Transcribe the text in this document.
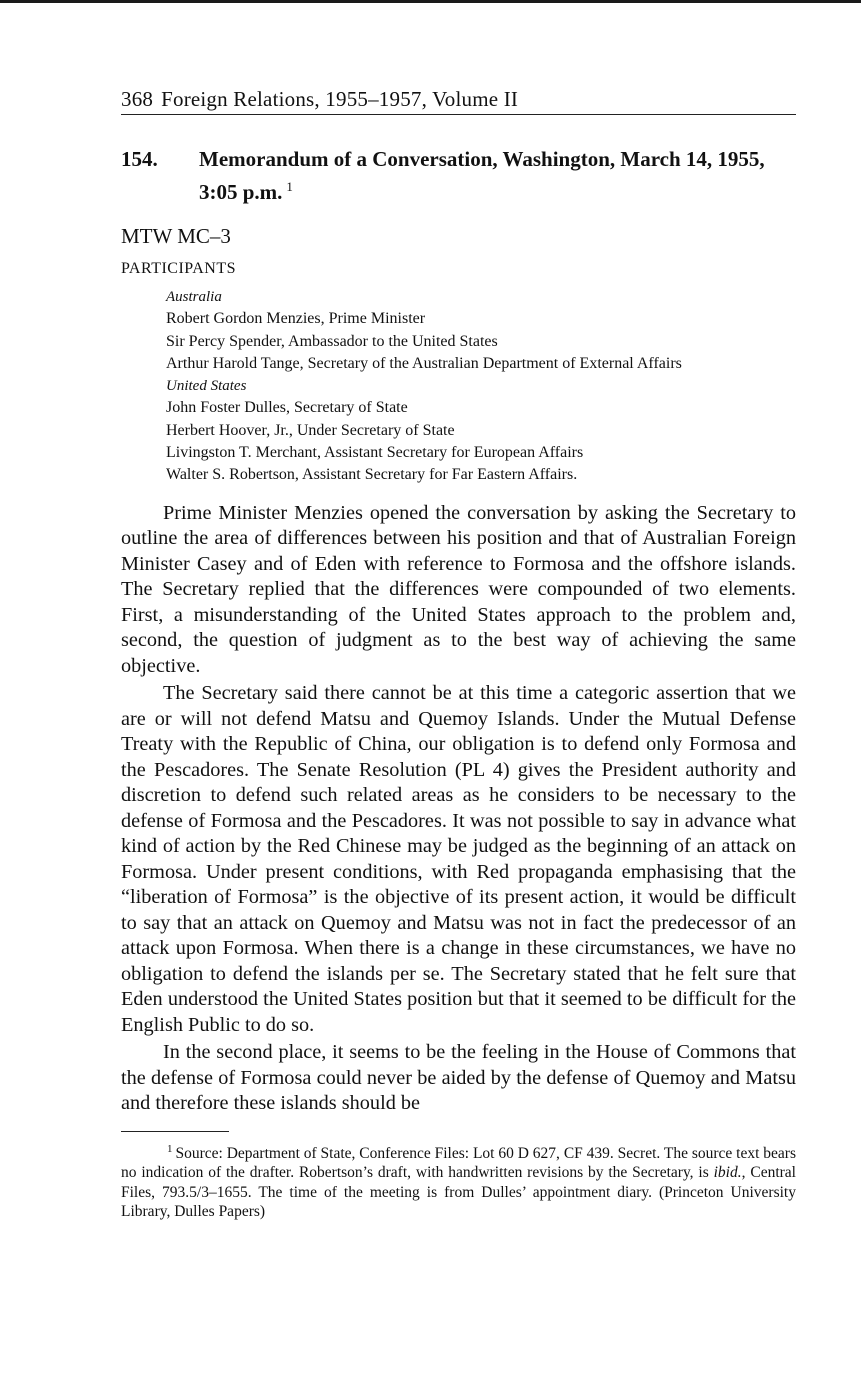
368 Foreign Relations, 1955–1957, Volume II
154.	Memorandum of a Conversation, Washington, March 14, 1955, 3:05 p.m. $^1$
MTW MC–3
PARTICIPANTS
Australia
Robert Gordon Menzies, Prime Minister
Sir Percy Spender, Ambassador to the United States
Arthur Harold Tange, Secretary of the Australian Department of External Affairs
United States
John Foster Dulles, Secretary of State
Herbert Hoover, Jr., Under Secretary of State
Livingston T. Merchant, Assistant Secretary for European Affairs
Walter S. Robertson, Assistant Secretary for Far Eastern Affairs.

Prime Minister Menzies opened the conversation by asking the Secretary to outline the area of differences between his position and that of Australian Foreign Minister Casey and of Eden with reference to Formosa and the offshore islands. The Secretary replied that the differences were compounded of two elements. First, a misunderstanding of the United States approach to the problem and, second, the question of judgment as to the best way of achieving the same objective.

The Secretary said there cannot be at this time a categoric assertion that we are or will not defend Matsu and Quemoy Islands. Under the Mutual Defense Treaty with the Republic of China, our obligation is to defend only Formosa and the Pescadores. The Senate Resolution (PL 4) gives the President authority and discretion to defend such related areas as he considers to be necessary to the defense of Formosa and the Pescadores. It was not possible to say in advance what kind of action by the Red Chinese may be judged as the beginning of an attack on Formosa. Under present conditions, with Red propaganda emphasising that the “liberation of Formosa” is the objective of its present action, it would be difficult to say that an attack on Quemoy and Matsu was not in fact the predecessor of an attack upon Formosa. When there is a change in these circumstances, we have no obligation to defend the islands per se. The Secretary stated that he felt sure that Eden understood the United States position but that it seemed to be difficult for the English Public to do so.

In the second place, it seems to be the feeling in the House of Commons that the defense of Formosa could never be aided by the defense of Quemoy and Matsu and therefore these islands should be

$^1$ Source: Department of State, Conference Files: Lot 60 D 627, CF 439. Secret. The source text bears no indication of the drafter. Robertson’s draft, with handwritten revisions by the Secretary, is ibid., Central Files, 793.5/3–1655. The time of the meeting is from Dulles’ appointment diary. (Princeton University Library, Dulles Papers)
